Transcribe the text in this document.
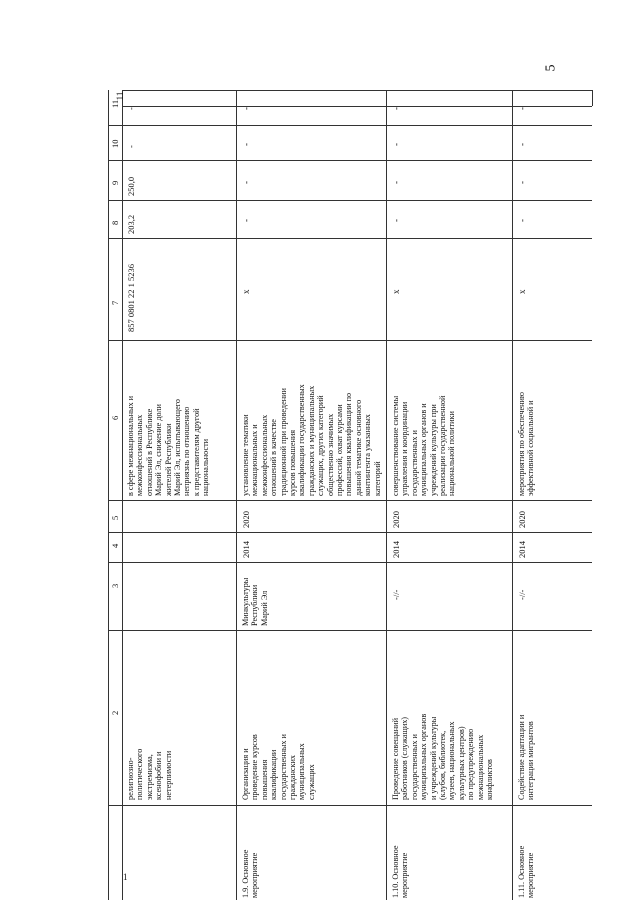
5
11
1
2
3
4
5
6
7
8
9
10
11
религиозно-
политического
экстремизма,
ксенофобии и
нетерпимости
в сфере межнациональных и
межконфессиональных
отношений в Республике
Марий Эл, снижение доли
жителей Республики
Марий Эл, испытывающего
неприязнь по отношению
к представителям другой
национальности
857 0801 22 1 5236
203,2
250,0
-
-
1.9. Основное
мероприятие
Организация и
проведение курсов
повышения
квалификации
государственных и
гражданских
муниципальных
служащих
Минкультуры
Республики
Марий Эл
2014
2020
установление тематики
межнациональных и
межконфессиональных
отношений в качестве
традиционной при проведении
курсов повышения
квалификации государственных
гражданских и муниципальных
служащих, других категорий
общественно значимых
профессий, охват курсами
повышения квалификации по
данной тематике основного
контингента указанных
категорий
х
-
-
-
-
1.10. Основное
мероприятие
Проведение совещаний
работников (служащих)
государственных и
муниципальных органов
и учреждений культуры
(клубов, библиотек,
музеев, национальных
культурных центров)
по предупреждению
межнациональных
конфликтов
-//-
2014
2020
совершенствование системы
управления и координации
государственных и
муниципальных органов и
учреждений культуры при
реализации государственной
национальной политики
х
-
-
-
-
1.11. Основное
мероприятие
Содействие адаптации и
интеграции мигрантов
-//-
2014
2020
мероприятия по обеспечению
эффективной социальной и
х
-
-
-
-
